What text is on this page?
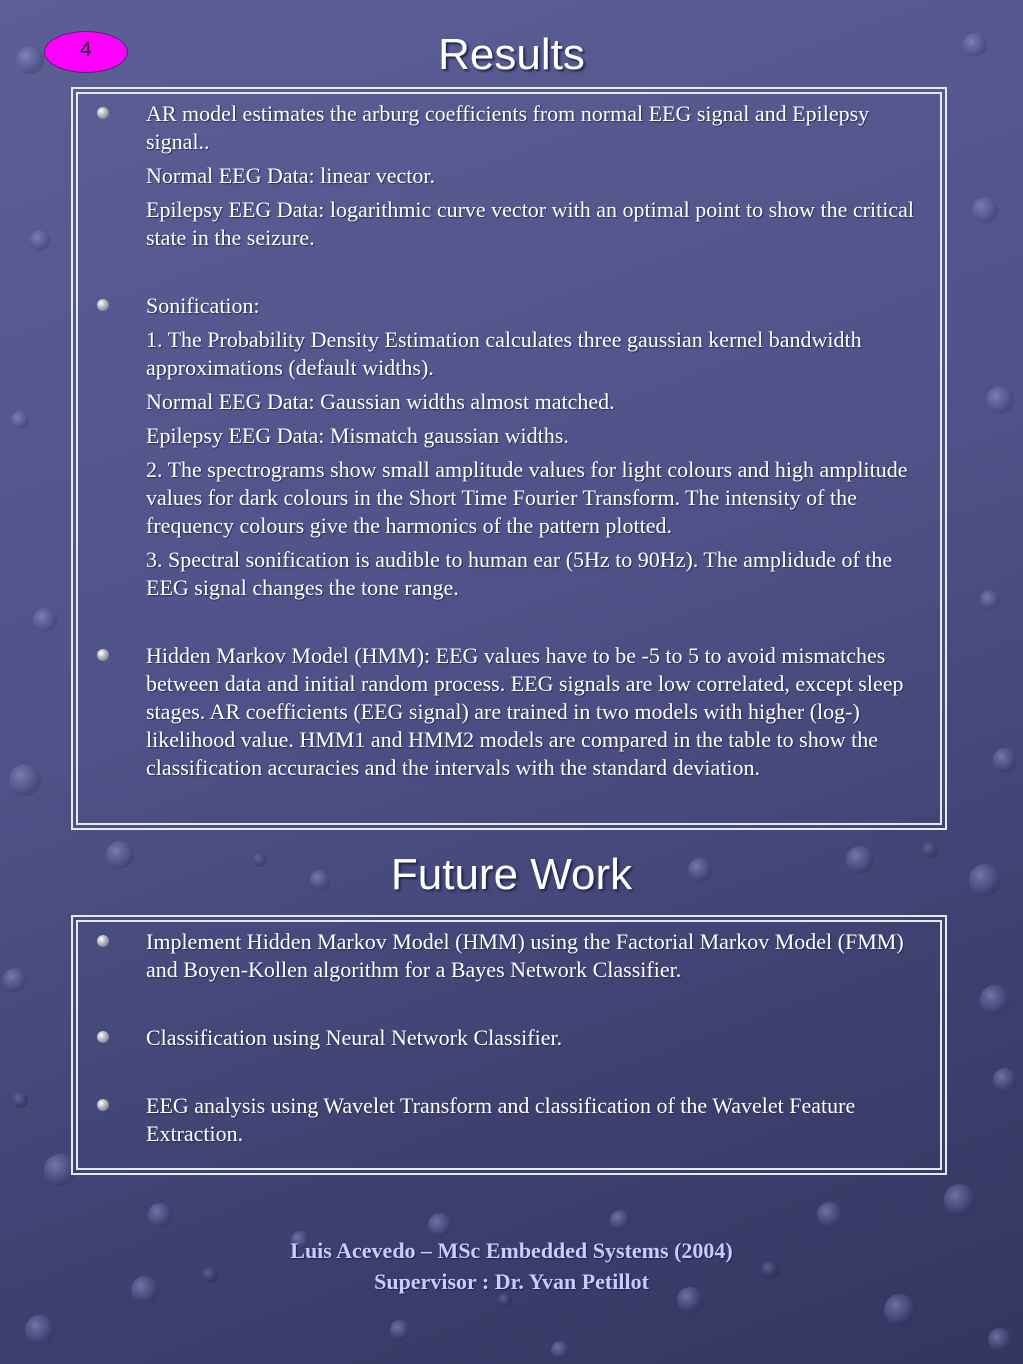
4	Results

AR model estimates the arburg coefficients from normal EEG signal and Epilepsy signal..

Normal EEG Data: linear vector.

Epilepsy EEG Data: logarithmic curve vector with an optimal point to show the critical state in the seizure.

Sonification:

1. The Probability Density Estimation calculates three gaussian kernel bandwidth approximations (default widths).

Normal EEG Data: Gaussian widths almost matched.

Epilepsy EEG Data: Mismatch gaussian widths.

2. The spectrograms show small amplitude values for light colours and high amplitude values for dark colours in the Short Time Fourier Transform. The intensity of the frequency colours give the harmonics of the pattern plotted.

3. Spectral sonification is audible to human ear (5Hz to 90Hz). The amplidude of the EEG signal changes the tone range.

Hidden Markov Model (HMM): EEG values have to be -5 to 5 to avoid mismatches between data and initial random process. EEG signals are low correlated, except sleep stages. AR coefficients (EEG signal) are trained in two models with higher (log-) likelihood value. HMM1 and HMM2 models are compared in the table to show the classification accuracies and the intervals with the standard deviation.

Future Work

Implement Hidden Markov Model (HMM) using the Factorial Markov Model (FMM) and Boyen-Kollen algorithm for a Bayes Network Classifier.

Classification using Neural Network Classifier.

EEG analysis using Wavelet Transform and classification of the Wavelet Feature Extraction.

Luis Acevedo – MSc Embedded Systems (2004)
Supervisor : Dr. Yvan Petillot
